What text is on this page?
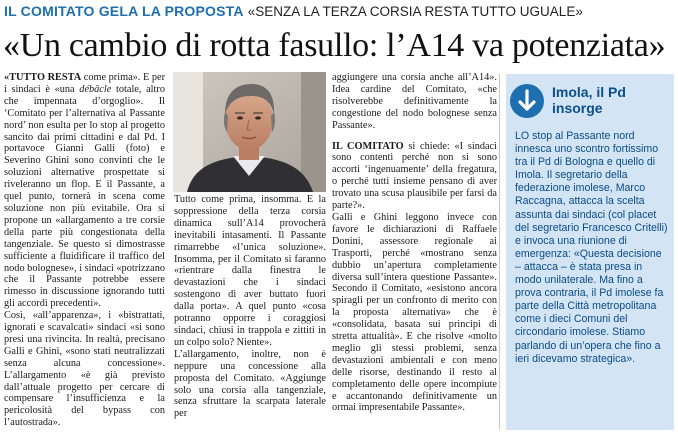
IL COMITATO GELA LA PROPOSTA «SENZA LA TERZA CORSIA RESTA TUTTO UGUALE»
«Un cambio di rotta fasullo: l’A14 va potenziata»

«TUTTO RESTA come prima». E per i sindaci è «una débâcle totale, altro che impennata d’orgoglio». Il ‘Comitato per l’alternativa al Passante nord’ non esulta per lo stop al progetto sancito dai primi cittadini e dal Pd. I portavoce Gianni Galli (foto) e Severino Ghini sono convinti che le soluzioni alternative prospettate si riveleranno un flop. E il Passante, a quel punto, tornerà in scena come soluzione non più evitabile. Ora si propone un «allargamento a tre corsie della parte più congestionata della tangenziale. Se questo si dimostrasse sufficiente a fluidificare il traffico del nodo bolognese», i sindaci «potrizzano che il Passante potrebbe essere rimesso in discussione ignorando tutti gli accordi precedenti».

Così, «all’apparenza», i «bistrattati, ignorati e scavalcati» sindaci «si sono presi una rivincita. In realtà, precisano Galli e Ghini, «sono stati neutralizzati senza alcuna concessione». L’allargamento «è già previsto dall’attuale progetto per cercare di compensare l’insufficienza e la pericolosità del bypass con l’autostrada».

Tutto come prima, insomma. E la soppressione della terza corsia dinamica sull’A14 provocherà inevitabili intasamenti. Il Passante rimarrebbe «l’unica soluzione». Insomma, per il Comitato si faranno «rientrare dalla finestra le devastazioni che i sindaci sostengono di aver buttato fuori dalla porta». A quel punto «cosa potranno opporre i coraggiosi sindaci, chiusi in trappola e zittiti in un colpo solo? Niente».

L’allargamento, inoltre, non è neppure una concessione alla proposta del Comitato. «Aggiunge solo una corsia alla tangenziale, senza sfruttare la scarpata laterale per

aggiungere una corsia anche all’A14». Idea cardine del Comitato, «che risolverebbe definitivamente la congestione del nodo bolognese senza Passante».

IL COMITATO si chiede: «I sindaci sono contenti perché non si sono accorti ‘ingenuamente’ della fregatura, o perché tutti insieme pensano di aver trovato una scusa plausibile per farsi da parte?».

Galli e Ghini leggono invece con favore le dichiarazioni di Raffaele Donini, assessore regionale ai Trasporti, perché «mostrano senza dubbio un’apertura completamente diversa sull’intera questione Passante». Secondo il Comitato, «esistono ancora spiragli per un confronto di merito con la proposta alternativa» che è «consolidata, basata sui principi di stretta attualità». E che risolve «molto meglio gli stessi problemi, senza devastazioni ambientali e con meno delle risorse, destinando il resto al completamento delle opere incompiute e accantonando definitivamente un ormai impresentabile Passante».

Imola, il Pd insorge
LO stop al Passante nord innesca uno scontro fortissimo tra il Pd di Bologna e quello di Imola. Il segretario della federazione imolese, Marco Raccagna, attacca la scelta assunta dai sindaci (col placet del segretario Francesco Critelli) e invoca una riunione di emergenza: «Questa decisione – attacca – è stata presa in modo unilaterale. Ma fino a prova contraria, il Pd imolese fa parte della Città metropolitana come i dieci Comuni del circondario imolese. Stiamo parlando di un’opera che fino a ieri dicevamo strategica».
